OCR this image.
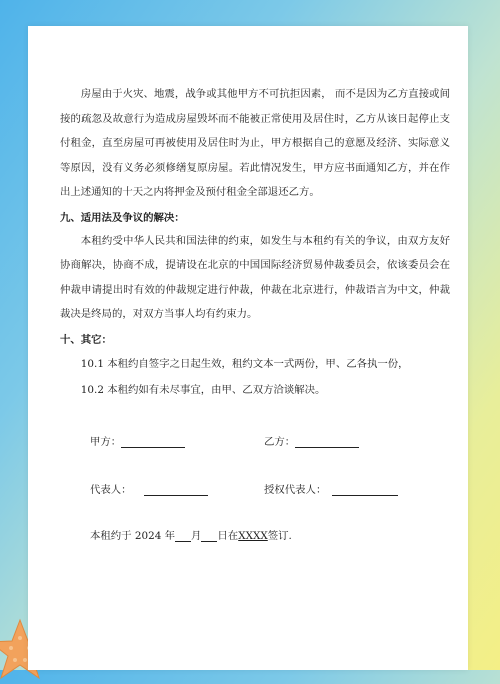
房屋由于火灾、地震，战争或其他甲方不可抗拒因素， 而不是因为乙方直接或间接的疏忽及故意行为造成房屋毁坏而不能被正常使用及居住时，乙方从该日起停止支付租金，直至房屋可再被使用及居住时为止，甲方根据自己的意愿及经济、实际意义等原因，没有义务必须修缮复原房屋。若此情况发生，甲方应书面通知乙方，并在作出上述通知的十天之内将押金及预付租金全部退还乙方。

九、适用法及争议的解决：

本租约受中华人民共和国法律的约束，如发生与本租约有关的争议，由双方友好协商解决，协商不成，提请设在北京的中国国际经济贸易仲裁委员会，依该委员会在仲裁申请提出时有效的仲裁规定进行仲裁，仲裁在北京进行，仲裁语言为中文，仲裁裁决是终局的，对双方当事人均有约束力。

十、其它：

10.1 本租约自签字之日起生效，租约文本一式两份，甲、乙各执一份，

10.2 本租约如有未尽事宜，由甲、乙双方洽谈解决。

甲方：	乙方：
代表人：	授权代表人：
本租约于 2024 年 月 日在XXXX签订.
